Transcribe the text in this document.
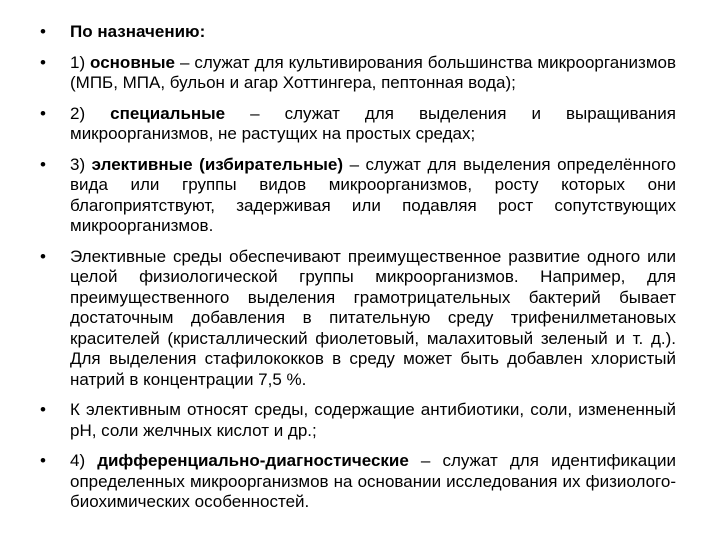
•	По назначению:
•	1) основные – служат для культивирования большинства микроорганизмов (МПБ, МПА, бульон и агар Хоттингера, пептонная вода);
•	2) специальные – служат для выделения и выращивания микроорганизмов, не растущих на простых средах;
•	3) элективные (избирательные) – служат для выделения определённого вида или группы видов микроорганизмов, росту которых они благоприятствуют, задерживая или подавляя рост сопутствующих микроорганизмов.
•	Элективные среды обеспечивают преимущественное развитие одного или целой физиологической группы микроорганизмов. Например, для преимущественного выделения грамотрицательных бактерий бывает достаточным добавления в питательную среду трифенилметановых красителей (кристаллический фиолетовый, малахитовый зеленый и т. д.). Для выделения стафилококков в среду может быть добавлен хлористый натрий в концентрации 7,5 %.
•	К элективным относят среды, содержащие антибиотики, соли, измененный pH, соли желчных кислот и др.;
•	4) дифференциально-диагностические – служат для идентификации определенных микроорганизмов на основании исследования их физиолого-биохимических особенностей.
